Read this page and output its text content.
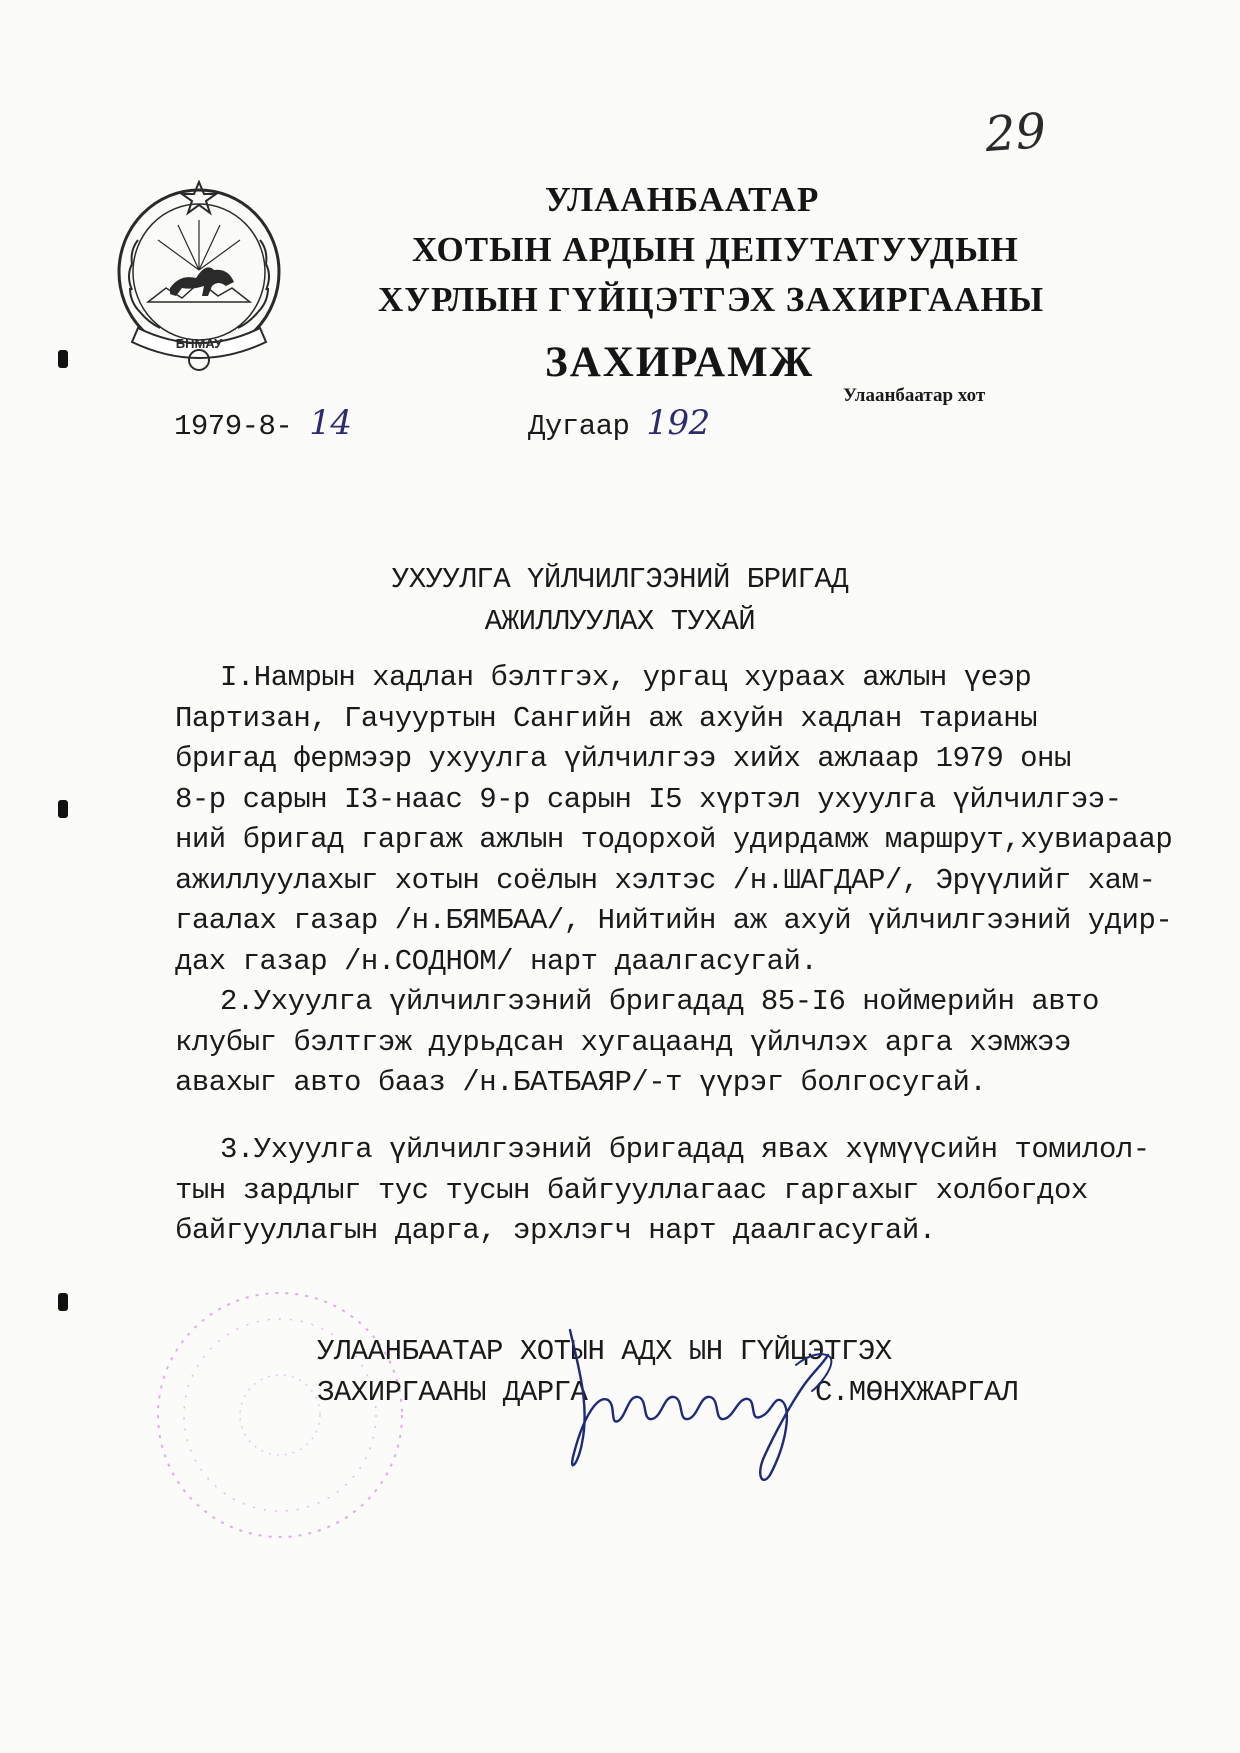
29
БНМАУ
УЛААНБААТАР
ХОТЫН АРДЫН ДЕПУТАТУУДЫН
ХУРЛЫН ГҮЙЦЭТГЭХ ЗАХИРГААНЫ
ЗАХИРАМЖ
Улаанбаатар хот
1979-8- 14	Дугаар 192
УХУУЛГА ҮЙЛЧИЛГЭЭНИЙ БРИГАД
АЖИЛЛУУЛАХ ТУХАЙ
I.Намрын хадлан бэлтгэх, ургац хураах ажлын үеэр
Партизан, Гачууртын Сангийн аж ахуйн хадлан тарианы
бригад фермээр ухуулга үйлчилгээ хийх ажлаар 1979 оны
8-р сарын I3-наас 9-р сарын I5 хүртэл ухуулга үйлчилгээ-
ний бригад гаргаж ажлын тодорхой удирдамж маршрут,хувиараар
ажиллуулахыг хотын соёлын хэлтэс /н.ШАГДАР/, Эрүүлийг хам-
гаалах газар /н.БЯМБАА/, Нийтийн аж ахуй үйлчилгээний удир-
дах газар /н.СОДНОМ/ нарт даалгасугай.
2.Ухуулга үйлчилгээний бригадад 85-I6 ноймерийн авто
клубыг бэлтгэж дурьдсан хугацаанд үйлчлэх арга хэмжээ
авахыг авто бааз /н.БАТБАЯР/-т үүрэг болгосугай.
3.Ухуулга үйлчилгээний бригадад явах хүмүүсийн томилол-
тын зардлыг тус тусын байгууллагаас гаргахыг холбогдох
байгууллагын дарга, эрхлэгч нарт даалгасугай.
УЛААНБААТАР ХОТЫН АДХ ЫН ГҮЙЦЭТГЭХ
ЗАХИРГААНЫ ДАРГА	С.МӨНХЖАРГАЛ
